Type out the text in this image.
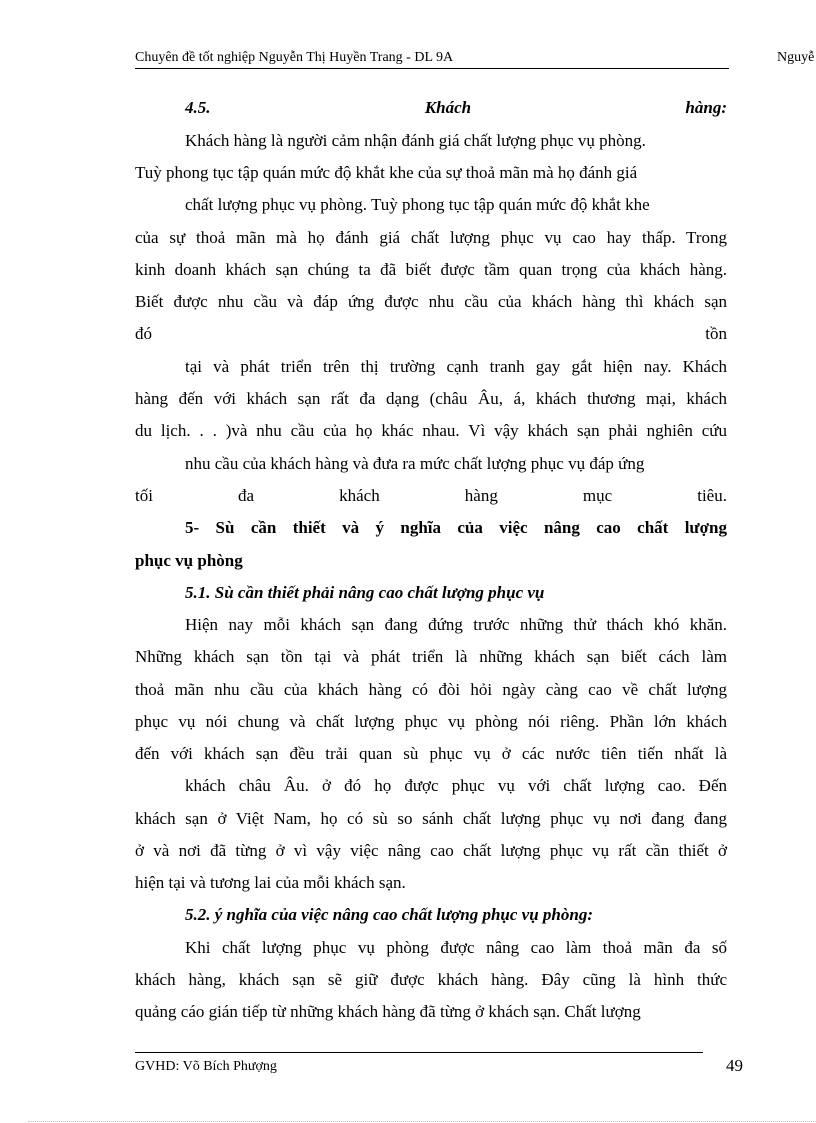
Chuyên đề tốt nghiệp Nguyễn Thị Huyền Trang - DL 9A	Nguyễ
4.5.	Khách	hàng:
Khách hàng là người cảm nhận đánh giá chất lượng phục vụ phòng.
Tuỳ phong tục tập quán mức độ khắt khe của sự thoả mãn mà họ đánh giá
chất lượng phục vụ phòng. Tuỳ phong tục tập quán mức độ khắt khe
của sự thoả mãn mà họ đánh giá chất lượng phục vụ cao hay thấp. Trong
kinh doanh khách sạn chúng ta đã biết được tầm quan trọng của khách hàng.
Biết được nhu cầu và đáp ứng được nhu cầu của khách hàng thì khách sạn
đó	tồn
tại và phát triển trên thị trường cạnh tranh gay gắt hiện nay. Khách
hàng đến với khách sạn rất đa dạng (châu Âu, á, khách thương mại, khách
du lịch. . . )và nhu cầu của họ khác nhau. Vì vậy khách sạn phải nghiên cứu
nhu cầu của khách hàng và đưa ra mức chất lượng phục vụ đáp ứng
tối	đa	khách	hàng	mục	tiêu.
5- Sù cần thiết và ý nghĩa của việc nâng cao chất lượng
phục vụ phòng
5.1. Sù cần thiết phải nâng cao chất lượng phục vụ
Hiện nay mỗi khách sạn đang đứng trước những thử thách khó khăn.
Những khách sạn tồn tại và phát triển là những khách sạn biết cách làm
thoả mãn nhu cầu của khách hàng có đòi hỏi ngày càng cao về chất lượng
phục vụ nói chung và chất lượng phục vụ phòng nói riêng. Phần lớn khách
đến với khách sạn đều trải quan sù phục vụ ở các nước tiên tiến nhất là
khách châu Âu. ở đó họ được phục vụ với chất lượng cao. Đến
khách sạn ở Việt Nam, họ có sù so sánh chất lượng phục vụ nơi đang đang
ở và nơi đã từng ở vì vậy việc nâng cao chất lượng phục vụ rất cần thiết ở
hiện tại và tương lai của mỗi khách sạn.
5.2. ý nghĩa của việc nâng cao chất lượng phục vụ phòng:
Khi chất lượng phục vụ phòng được nâng cao làm thoả mãn đa số
khách hàng, khách sạn sẽ giữ được khách hàng. Đây cũng là hình thức
quảng cáo gián tiếp từ những khách hàng đã từng ở khách sạn. Chất lượng
GVHD: Võ Bích Phượng	49
